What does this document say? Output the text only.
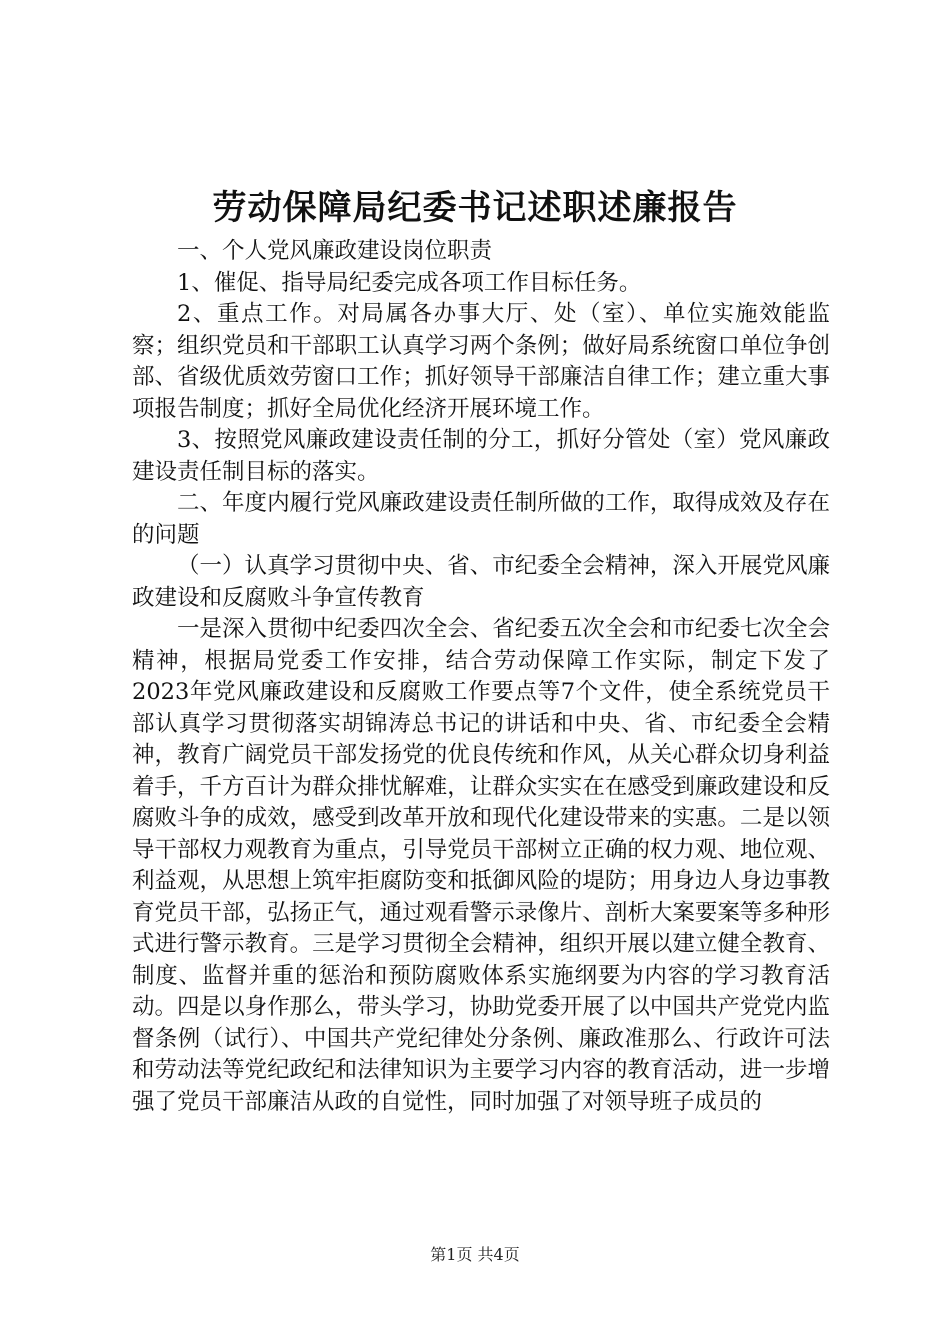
劳动保障局纪委书记述职述廉报告

一、个人党风廉政建设岗位职责

1、催促、指导局纪委完成各项工作目标任务。

2、重点工作。对局属各办事大厅、处（室）、单位实施效能监察；组织党员和干部职工认真学习两个条例；做好局系统窗口单位争创部、省级优质效劳窗口工作；抓好领导干部廉洁自律工作；建立重大事项报告制度；抓好全局优化经济开展环境工作。

3、按照党风廉政建设责任制的分工，抓好分管处（室）党风廉政建设责任制目标的落实。

二、年度内履行党风廉政建设责任制所做的工作，取得成效及存在的问题

（一）认真学习贯彻中央、省、市纪委全会精神，深入开展党风廉政建设和反腐败斗争宣传教育

一是深入贯彻中纪委四次全会、省纪委五次全会和市纪委七次全会精神，根据局党委工作安排，结合劳动保障工作实际，制定下发了2023年党风廉政建设和反腐败工作要点等7个文件，使全系统党员干部认真学习贯彻落实胡锦涛总书记的讲话和中央、省、市纪委全会精神，教育广阔党员干部发扬党的优良传统和作风，从关心群众切身利益着手，千方百计为群众排忧解难，让群众实实在在感受到廉政建设和反腐败斗争的成效，感受到改革开放和现代化建设带来的实惠。二是以领导干部权力观教育为重点，引导党员干部树立正确的权力观、地位观、利益观，从思想上筑牢拒腐防变和抵御风险的堤防；用身边人身边事教育党员干部，弘扬正气，通过观看警示录像片、剖析大案要案等多种形式进行警示教育。三是学习贯彻全会精神，组织开展以建立健全教育、制度、监督并重的惩治和预防腐败体系实施纲要为内容的学习教育活动。四是以身作那么，带头学习，协助党委开展了以中国共产党党内监督条例（试行）、中国共产党纪律处分条例、廉政准那么、行政许可法和劳动法等党纪政纪和法律知识为主要学习内容的教育活动，进一步增强了党员干部廉洁从政的自觉性，同时加强了对领导班子成员的

第1页 共4页
